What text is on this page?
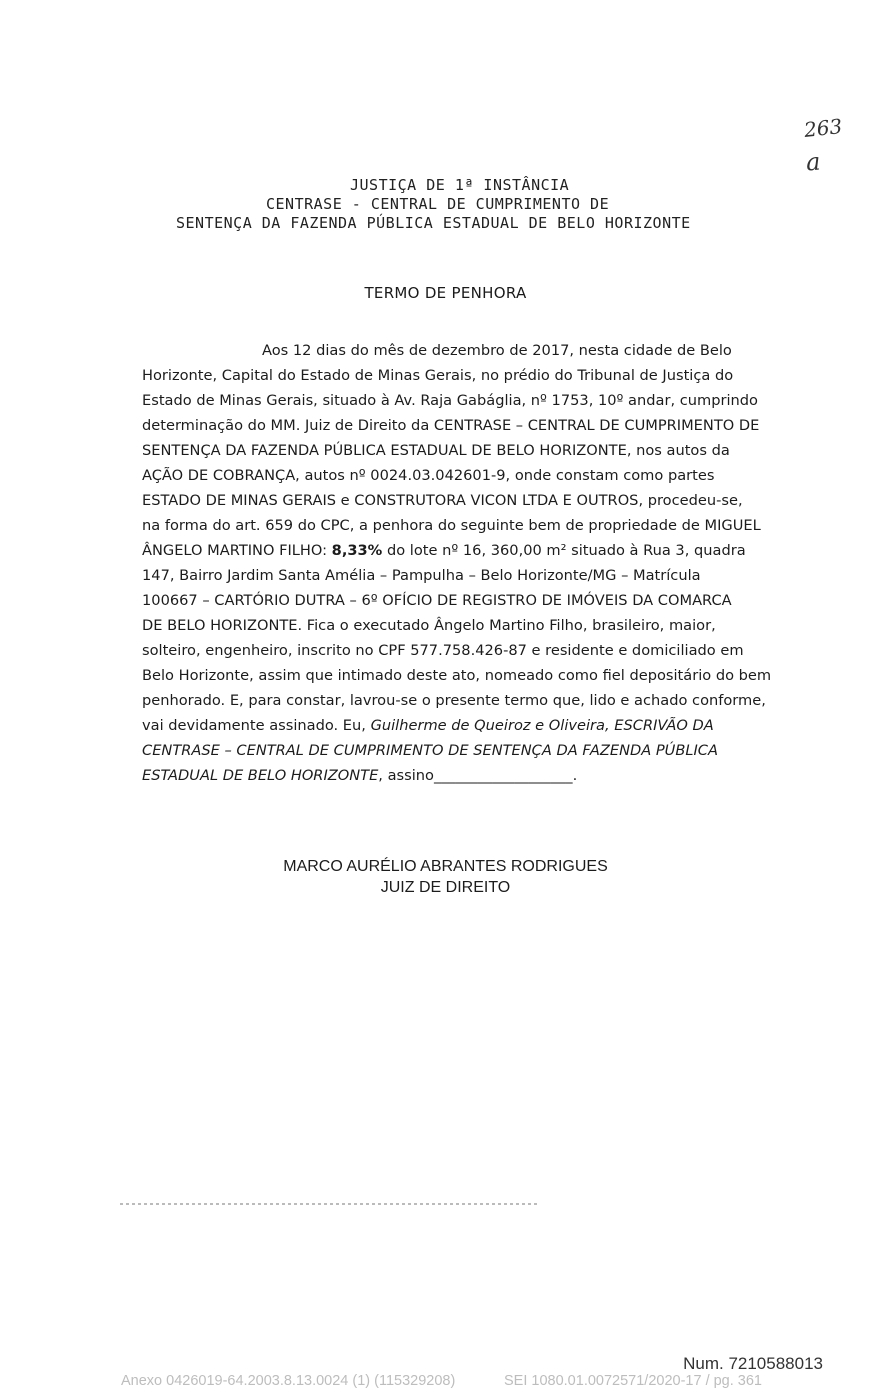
263
a
JUSTIÇA DE 1ª INSTÂNCIA
CENTRASE - CENTRAL DE CUMPRIMENTO DE
SENTENÇA DA FAZENDA PÚBLICA ESTADUAL DE BELO HORIZONTE
TERMO DE PENHORA
Aos 12 dias do mês de dezembro de 2017, nesta cidade de Belo
Horizonte, Capital do Estado de Minas Gerais, no prédio do Tribunal de Justiça do
Estado de Minas Gerais, situado à Av. Raja Gabáglia, nº 1753, 10º andar, cumprindo
determinação do MM. Juiz de Direito da CENTRASE – CENTRAL DE CUMPRIMENTO DE
SENTENÇA DA FAZENDA PÚBLICA ESTADUAL DE BELO HORIZONTE, nos autos da
AÇÃO DE COBRANÇA, autos nº 0024.03.042601-9, onde constam como partes
ESTADO DE MINAS GERAIS e CONSTRUTORA VICON LTDA E OUTROS, procedeu-se,
na forma do art. 659 do CPC, a penhora do seguinte bem de propriedade de MIGUEL
ÂNGELO MARTINO FILHO: 8,33% do lote nº 16, 360,00 m² situado à Rua 3, quadra
147, Bairro Jardim Santa Amélia – Pampulha – Belo Horizonte/MG – Matrícula
100667 – CARTÓRIO DUTRA – 6º OFÍCIO DE REGISTRO DE IMÓVEIS DA COMARCA
DE BELO HORIZONTE. Fica o executado Ângelo Martino Filho, brasileiro, maior,
solteiro, engenheiro, inscrito no CPF 577.758.426-87 e residente e domiciliado em
Belo Horizonte, assim que intimado deste ato, nomeado como fiel depositário do bem
penhorado. E, para constar, lavrou-se o presente termo que, lido e achado conforme,
vai devidamente assinado. Eu, Guilherme de Queiroz e Oliveira, ESCRIVÃO DA
CENTRASE – CENTRAL DE CUMPRIMENTO DE SENTENÇA DA FAZENDA PÚBLICA
ESTADUAL DE BELO HORIZONTE, assino___________________.
MARCO AURÉLIO ABRANTES RODRIGUES
JUIZ DE DIREITO
Num. 7210588013
Anexo 0426019-64.2003.8.13.0024 (1) (115329208)	SEI 1080.01.0072571/2020-17 / pg. 361
